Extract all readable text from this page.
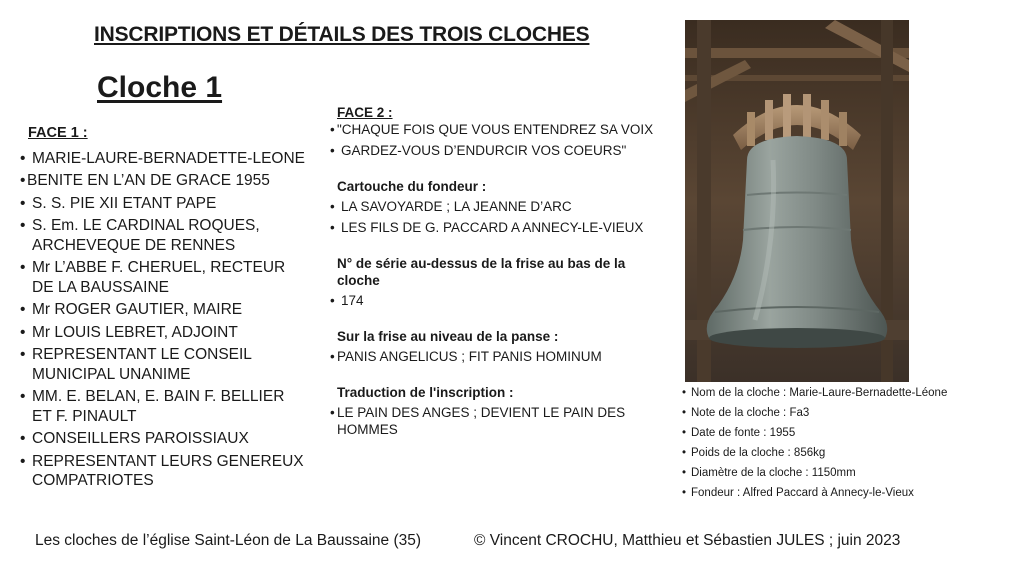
INSCRIPTIONS ET DÉTAILS DES TROIS CLOCHES
Cloche 1
FACE 1 :
• MARIE-LAURE-BERNADETTE-LEONE
• BENITE EN L’AN DE GRACE 1955
• S. S. PIE XII ETANT PAPE
• S. Em. LE CARDINAL ROQUES, ARCHEVEQUE DE RENNES
• Mr L’ABBE F. CHERUEL, RECTEUR DE LA BAUSSAINE
• Mr ROGER GAUTIER, MAIRE
• Mr LOUIS LEBRET, ADJOINT
• REPRESENTANT LE CONSEIL MUNICIPAL UNANIME
• MM. E. BELAN, E. BAIN F. BELLIER ET F. PINAULT
• CONSEILLERS PAROISSIAUX
• REPRESENTANT LEURS GENEREUX COMPATRIOTES
FACE 2 :
• "CHAQUE FOIS QUE VOUS ENTENDREZ SA VOIX
• GARDEZ-VOUS D’ENDURCIR VOS COEURS"
Cartouche du fondeur :
• LA SAVOYARDE ; LA JEANNE D’ARC
• LES FILS DE G. PACCARD A ANNECY-LE-VIEUX
N° de série au-dessus de la frise au bas de la cloche
• 174
Sur la frise au niveau de la panse :
• PANIS ANGELICUS ; FIT PANIS HOMINUM
Traduction de l'inscription :
• LE PAIN DES ANGES ; DEVIENT LE PAIN DES HOMMES
• Nom de la cloche : Marie-Laure-Bernadette-Léone
• Note de la cloche : Fa3
• Date de fonte : 1955
• Poids de la cloche : 856kg
• Diamètre de la cloche : 1150mm
• Fondeur : Alfred Paccard à Annecy-le-Vieux
Les cloches de l’église Saint-Léon de La Baussaine (35)	© Vincent CROCHU, Matthieu et Sébastien JULES ; juin 2023
